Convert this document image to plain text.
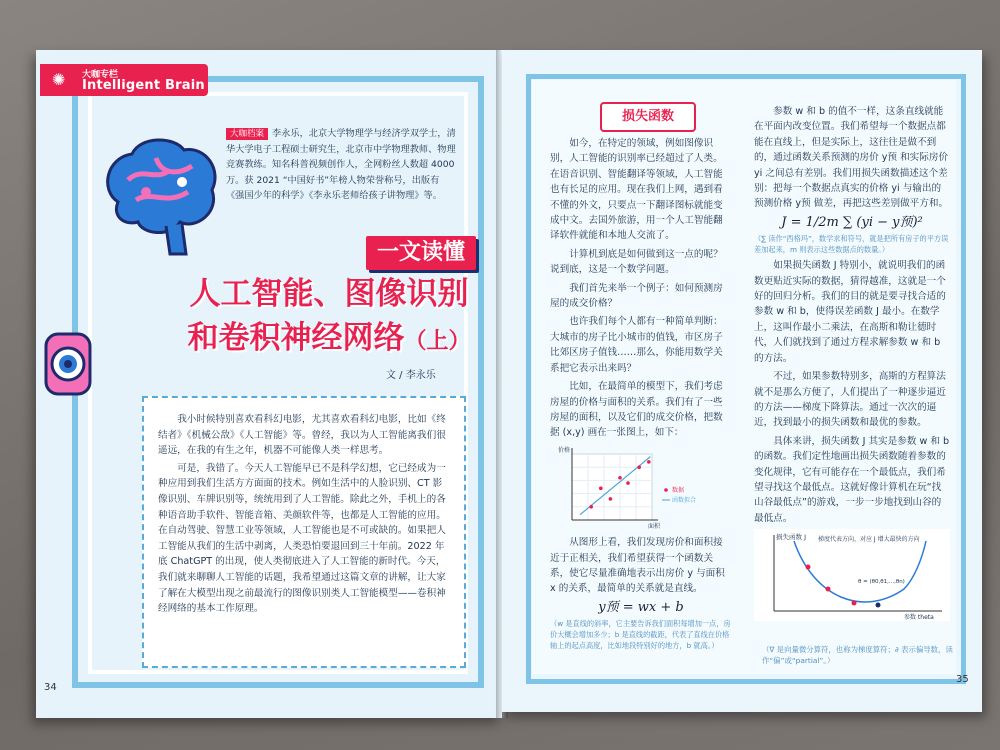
✺ 大咖专栏
Intelligent Brain
大咖档案 李永乐，北京大学物理学与经济学双学士，清华大学电子工程硕士研究生，北京市中学物理教师、物理竞赛教练。知名科普视频创作人，全网粉丝人数超 4000 万。获 2021 “中国好书”年榜人物荣誉称号，出版有《强国少年的科学》《李永乐老师给孩子讲物理》等。
一文读懂
人工智能、图像识别
和卷积神经网络（上）
文 / 李永乐

我小时候特别喜欢看科幻电影，尤其喜欢看科幻电影，比如《终结者》《机械公敌》《人工智能》等。曾经，我以为人工智能离我们很遥远，在我的有生之年，机器不可能像人类一样思考。

可是，我错了。今天人工智能早已不是科学幻想，它已经成为一种应用到我们生活方方面面的技术。例如生活中的人脸识别、CT 影像识别、车牌识别等，统统用到了人工智能。除此之外，手机上的各种语音助手软件、智能音箱、美颜软件等，也都是人工智能的应用。在自动驾驶、智慧工业等领域，人工智能也是不可或缺的。如果把人工智能从我们的生活中剥离，人类恐怕要退回到三十年前。2022 年底 ChatGPT 的出现，使人类彻底进入了人工智能的新时代。今天，我们就来聊聊人工智能的话题，我希望通过这篇文章的讲解，让大家了解在大模型出现之前最流行的图像识别类人工智能模型——卷积神经网络的基本工作原理。

34
损失函数

如今，在特定的领域，例如图像识别，人工智能的识别率已经超过了人类。在语音识别、智能翻译等领域，人工智能也有长足的应用。现在我们上网，遇到看不懂的外文，只要点一下翻译图标就能变成中文。去国外旅游，用一个人工智能翻译软件就能和本地人交流了。

计算机到底是如何做到这一点的呢？说到底，这是一个数学问题。

我们首先来举一个例子：如何预测房屋的成交价格？

也许我们每个人都有一种简单判断：大城市的房子比小城市的值钱，市区房子比郊区房子值钱……那么，你能用数学关系把它表示出来吗？

比如，在最简单的模型下，我们考虑房屋的价格与面积的关系。我们有了一些房屋的面积，以及它们的成交价格，把数据 (x,y) 画在一张图上，如下：

价格
面积
数据
函数拟合

从图形上看，我们发现房价和面积接近于正相关，我们希望获得一个函数关系，使它尽量准确地表示出房价 y 与面积 x 的关系，最简单的关系就是直线。

y预 = wx + b

（w 是直线的斜率，它主要告诉我们面积每增加一点，房价大概会增加多少；b 是直线的截距，代表了直线在价格轴上的起点高度，比如地段特别好的地方，b 就高。）

参数 w 和 b 的值不一样，这条直线就能在平面内改变位置。我们希望每一个数据点都能在直线上，但是实际上，这往往是做不到的，通过函数关系预测的房价 y预 和实际房价 yi 之间总有差别。我们用损失函数描述这个差别：把每一个数据点真实的价格 yi 与输出的预测价格 y预 做差，再把这些差别做平方和。

J = 1/2m ∑ (yi − y预)²

（∑ 读作“西格玛”，数学求和符号，就是把所有房子的平方误差加起来，m 则表示这些数据点的数量。）

如果损失函数 J 特别小，就说明我们的函数更贴近实际的数据，猜得越准，这就是一个好的回归分析。我们的目的就是要寻找合适的参数 w 和 b，使得误差函数 J 最小。在数学上，这叫作最小二乘法，在高斯和勒让德时代，人们就找到了通过方程求解参数 w 和 b 的方法。

不过，如果参数特别多，高斯的方程算法就不是那么方便了，人们提出了一种逐步逼近的方法——梯度下降算法。通过一次次的逼近，找到最小的损失函数和最优的参数。

具体来讲，损失函数 J 其实是参数 w 和 b 的函数。我们定性地画出损失函数随着参数的变化规律，它有可能存在一个最低点，我们希望寻找这个最低点。这就好像计算机在玩“找山谷最低点”的游戏，一步一步地找到山谷的最低点。

损失函数 J 梯度代表方向，对应 J 增大最快的方向
θ = (θ0,θ1,...,θn)
参数 theta
（∇ 是向量微分算符，也称为梯度算符；∂ 表示偏导数，读作“偏”或“partial”。）
35
